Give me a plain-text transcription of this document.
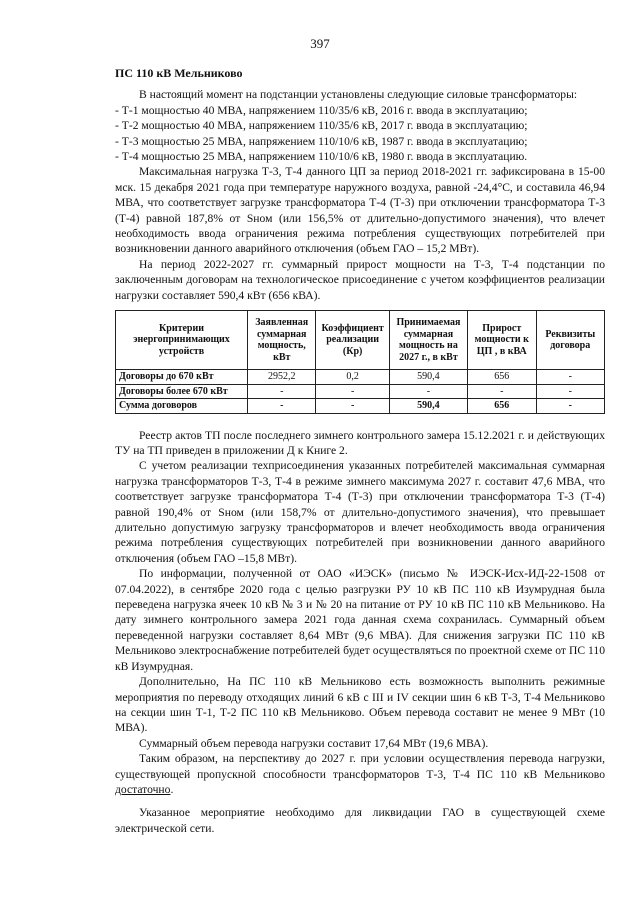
397
ПС 110 кВ Мельниково

В настоящий момент на подстанции установлены следующие силовые трансформаторы:

- Т-1 мощностью 40 МВА, напряжением 110/35/6 кВ, 2016 г. ввода в эксплуатацию;

- Т-2 мощностью 40 МВА, напряжением 110/35/6 кВ, 2017 г. ввода в эксплуатацию;

- Т-3 мощностью 25 МВА, напряжением 110/10/6 кВ, 1987 г. ввода в эксплуатацию;

- Т-4 мощностью 25 МВА, напряжением 110/10/6 кВ, 1980 г. ввода в эксплуатацию.

Максимальная нагрузка Т-3, Т-4 данного ЦП за период 2018-2021 гг. зафиксирована в 15-00 мск. 15 декабря 2021 года при температуре наружного воздуха, равной -24,4°С, и составила 46,94 МВА, что соответствует загрузке трансформатора Т-4 (Т-3) при отключении трансформатора Т-3 (Т-4) равной 187,8% от Sном (или 156,5% от длительно-допустимого значения), что влечет необходимость ввода ограничения режима потребления существующих потребителей при возникновении данного аварийного отключения (объем ГАО – 15,2 МВт).

На период 2022-2027 гг. суммарный прирост мощности на Т-3, Т-4 подстанции по заключенным договорам на технологическое присоединение с учетом коэффициентов реализации нагрузки составляет 590,4 кВт (656 кВА).

Критерии энергопринимающих устройств	Заявленная суммарная мощность, кВт	Коэффициент реализации (Кр)	Принимаемая суммарная мощность на 2027 г., в кВт	Прирост мощности к ЦП , в кВА	Реквизиты договора
Договоры до 670 кВт	2952,2	0,2	590,4	656	-
Договоры более 670 кВт	-	-	-	-	-
Сумма договоров	-	-	590,4	656	-

Реестр актов ТП после последнего зимнего контрольного замера 15.12.2021 г. и действующих ТУ на ТП приведен в приложении Д к Книге 2.

С учетом реализации техприсоединения указанных потребителей максимальная суммарная нагрузка трансформаторов Т-3, Т-4 в режиме зимнего максимума 2027 г. составит 47,6 МВА, что соответствует загрузке трансформатора Т-4 (Т-3) при отключении трансформатора Т-3 (Т-4) равной 190,4% от Sном (или 158,7% от длительно-допустимого значения), что превышает длительно допустимую загрузку трансформаторов и влечет необходимость ввода ограничения режима потребления существующих потребителей при возникновении данного аварийного отключения (объем ГАО –15,8 МВт).

По информации, полученной от ОАО «ИЭСК» (письмо № ИЭСК-Исх-ИД-22-1508 от 07.04.2022), в сентябре 2020 года с целью разгрузки РУ 10 кВ ПС 110 кВ Изумрудная была переведена нагрузка ячеек 10 кВ № 3 и № 20 на питание от РУ 10 кВ ПС 110 кВ Мельниково. На дату зимнего контрольного замера 2021 года данная схема сохранилась. Суммарный объем переведенной нагрузки составляет 8,64 МВт (9,6 МВА). Для снижения загрузки ПС 110 кВ Мельниково электроснабжение потребителей будет осуществляться по проектной схеме от ПС 110 кВ Изумрудная.

Дополнительно, На ПС 110 кВ Мельниково есть возможность выполнить режимные мероприятия по переводу отходящих линий 6 кВ с III и IV секции шин 6 кВ Т-3, Т-4 Мельниково на секции шин Т-1, Т-2 ПС 110 кВ Мельниково. Объем перевода составит не менее 9 МВт (10 МВА).

Суммарный объем перевода нагрузки составит 17,64 МВт (19,6 МВА).

Таким образом, на перспективу до 2027 г. при условии осуществления перевода нагрузки, существующей пропускной способности трансформаторов Т-3, Т-4 ПС 110 кВ Мельниково достаточно.

Указанное мероприятие необходимо для ликвидации ГАО в существующей схеме электрической сети.
